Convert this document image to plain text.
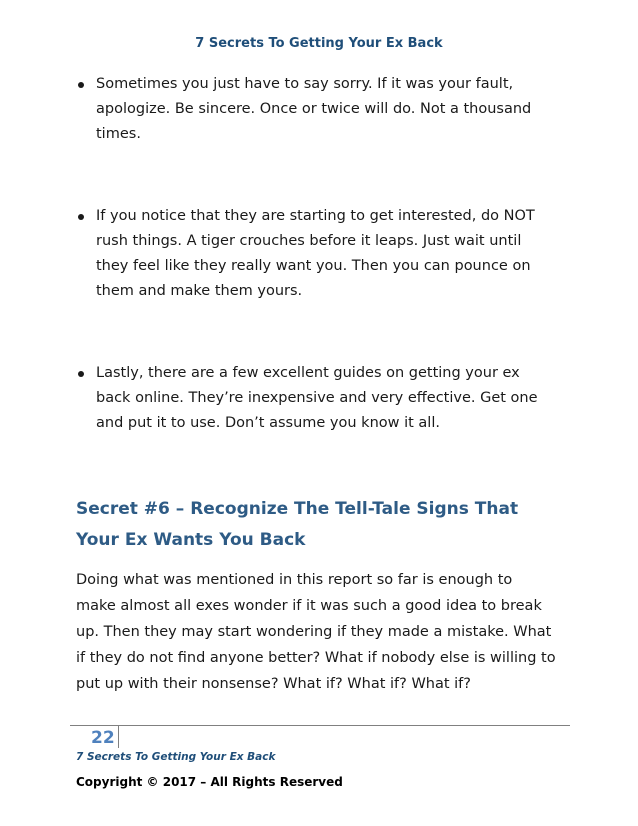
7 Secrets To Getting Your Ex Back
Sometimes you just have to say sorry. If it was your fault,
apologize. Be sincere. Once or twice will do. Not a thousand
times.
If you notice that they are starting to get interested, do NOT
rush things. A tiger crouches before it leaps. Just wait until
they feel like they really want you. Then you can pounce on
them and make them yours.
Lastly, there are a few excellent guides on getting your ex
back online. They’re inexpensive and very effective. Get one
and put it to use. Don’t assume you know it all.
Secret #6 – Recognize The Tell-Tale Signs That
Your Ex Wants You Back

Doing what was mentioned in this report so far is enough to
make almost all exes wonder if it was such a good idea to break
up. Then they may start wondering if they made a mistake. What
if they do not find anyone better? What if nobody else is willing to
put up with their nonsense? What if? What if? What if?

22
7 Secrets To Getting Your Ex Back
Copyright © 2017 – All Rights Reserved
